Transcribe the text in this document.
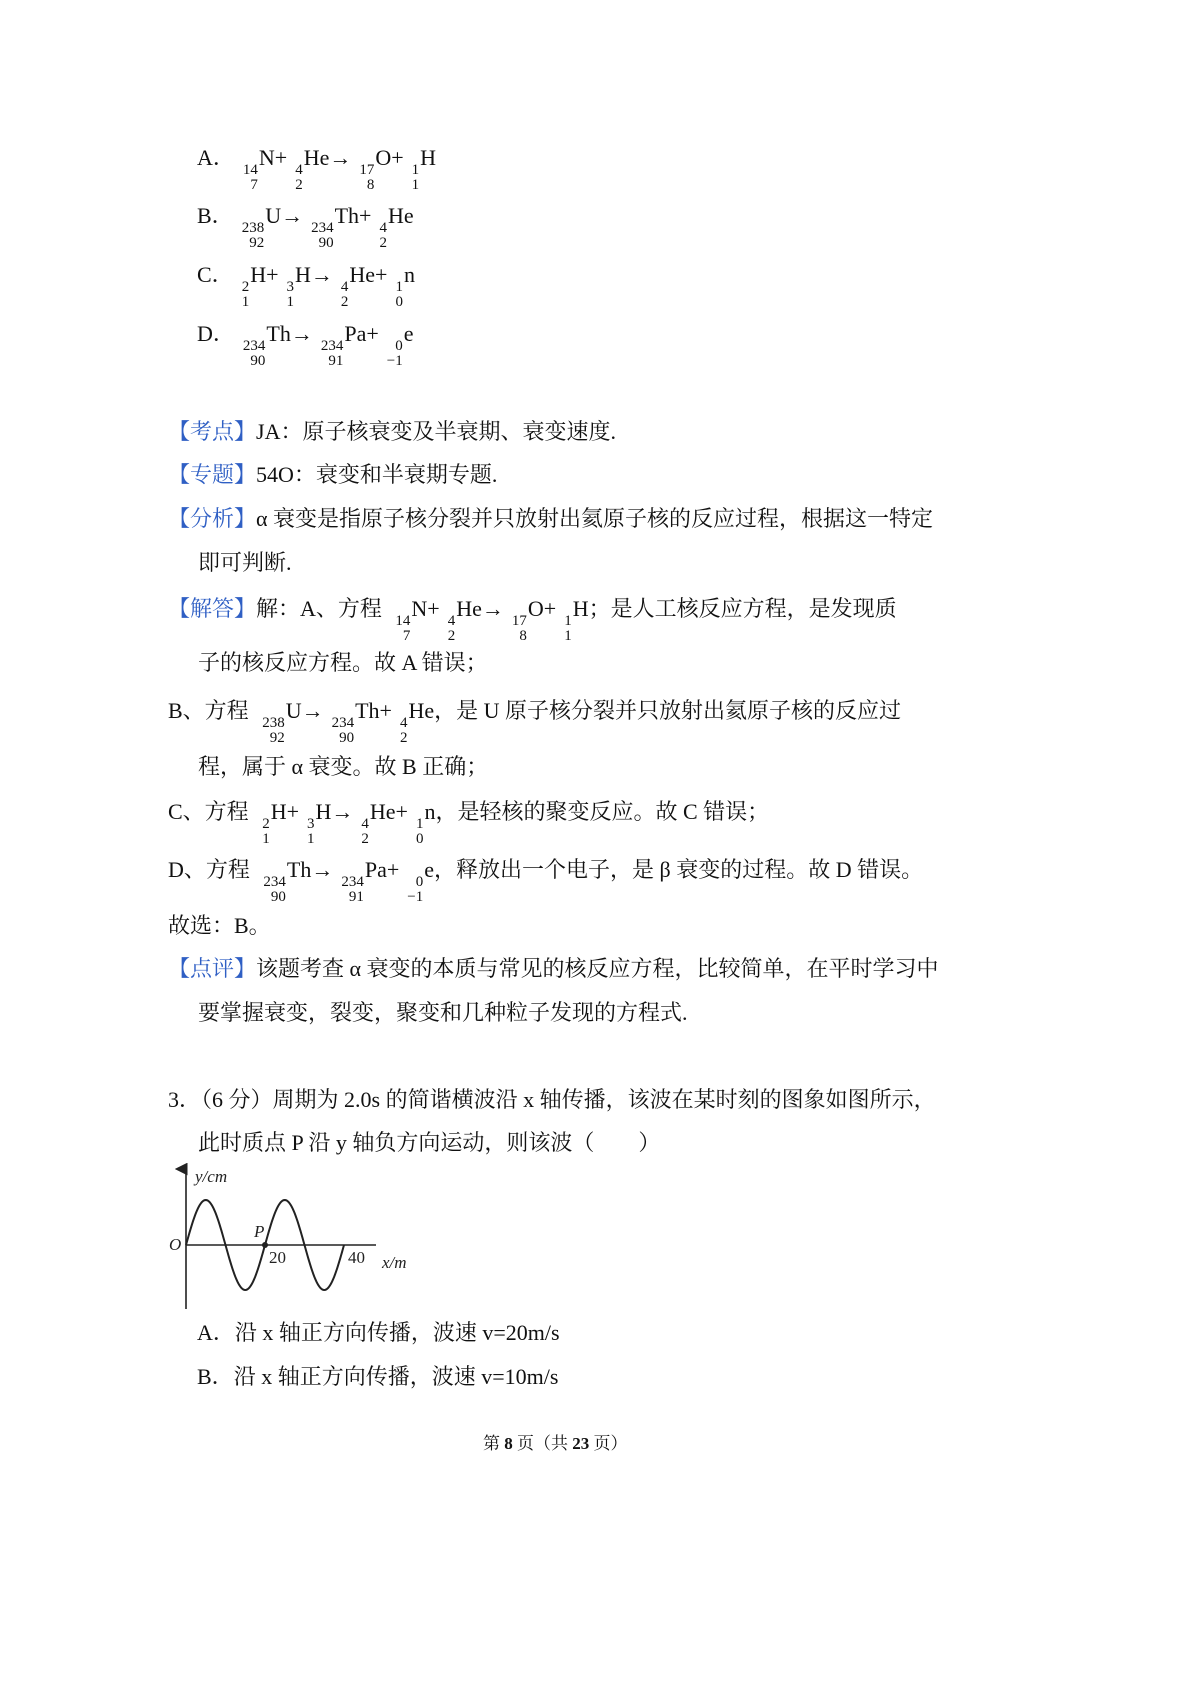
A． 14
7
N+ 4
2
He→ 17
8
O+ 1
1
H
B． 238
92
U→ 234
90
Th+ 4
2
He
C． 2
1
H+ 3
1
H→ 4
2
He+ 1
0
n
D． 234
90
Th→ 234
91
Pa+ 0
−1
e
【考点】JA：原子核衰变及半衰期、衰变速度.
【专题】54O：衰变和半衰期专题.
【分析】α 衰变是指原子核分裂并只放射出氦原子核的反应过程，根据这一特定
即可判断.
【解答】解：A、方程 14
7
N+ 4
2
He→ 17
8
O+ 1
1
H；是人工核反应方程，是发现质
子的核反应方程。故 A 错误；
B、方程 238
92
U→ 234
90
Th+ 4
2
He，是 U 原子核分裂并只放射出氦原子核的反应过
程，属于 α 衰变。故 B 正确；
C、方程 2
1
H+ 3
1
H→ 4
2
He+ 1
0
n，是轻核的聚变反应。故 C 错误；
D、方程 234
90
Th→ 234
91
Pa+ 0
−1
e，释放出一个电子，是 β 衰变的过程。故 D 错误。
故选：B。
【点评】该题考查 α 衰变的本质与常见的核反应方程，比较简单，在平时学习中
要掌握衰变，裂变，聚变和几种粒子发现的方程式.
3．（6 分）周期为 2.0s 的简谐横波沿 x 轴传播，该波在某时刻的图象如图所示，
此时质点 P 沿 y 轴负方向运动，则该波（　　）
y/cm
O
P
20	40 x/m
A．沿 x 轴正方向传播，波速 v=20m/s
B．沿 x 轴正方向传播，波速 v=10m/s
第 8 页（共 23 页）
